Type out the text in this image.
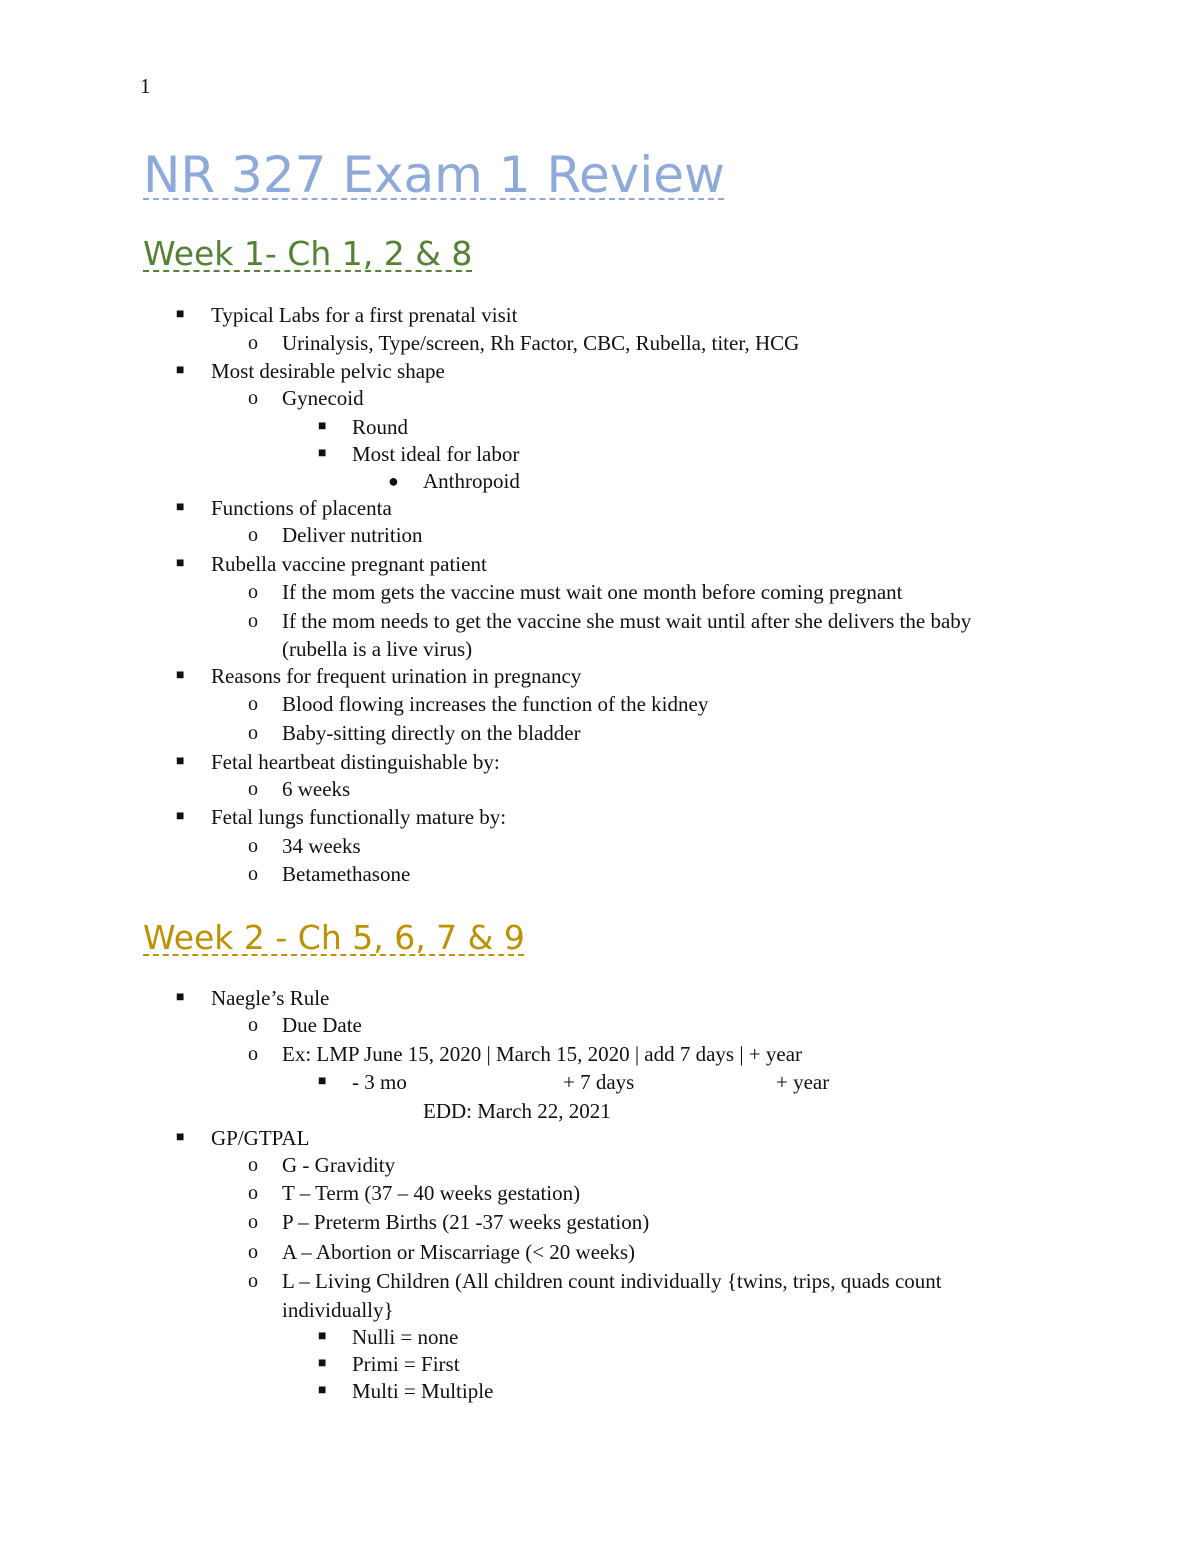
1
NR 327 Exam 1 Review
Week 1- Ch 1, 2 & 8
■ Typical Labs for a first prenatal visit
o Urinalysis, Type/screen, Rh Factor, CBC, Rubella, titer, HCG
■ Most desirable pelvic shape
o Gynecoid
■ Round
■ Most ideal for labor
● Anthropoid
■ Functions of placenta
o Deliver nutrition
■ Rubella vaccine pregnant patient
o If the mom gets the vaccine must wait one month before coming pregnant
o If the mom needs to get the vaccine she must wait until after she delivers the baby
(rubella is a live virus)
■ Reasons for frequent urination in pregnancy
o Blood flowing increases the function of the kidney
o Baby-sitting directly on the bladder
■ Fetal heartbeat distinguishable by:
o 6 weeks
■ Fetal lungs functionally mature by:
o 34 weeks
o Betamethasone
Week 2 - Ch 5, 6, 7 & 9
■ Naegle’s Rule
o Due Date
o Ex: LMP June 15, 2020 | March 15, 2020 | add 7 days | + year
■ - 3 mo	+ 7 days	+ year
EDD: March 22, 2021
■ GP/GTPAL
o G - Gravidity
o T – Term (37 – 40 weeks gestation)
o P – Preterm Births (21 -37 weeks gestation)
o A – Abortion or Miscarriage (< 20 weeks)
o L – Living Children (All children count individually {twins, trips, quads count
individually}
■ Nulli = none
■ Primi = First
■ Multi = Multiple
